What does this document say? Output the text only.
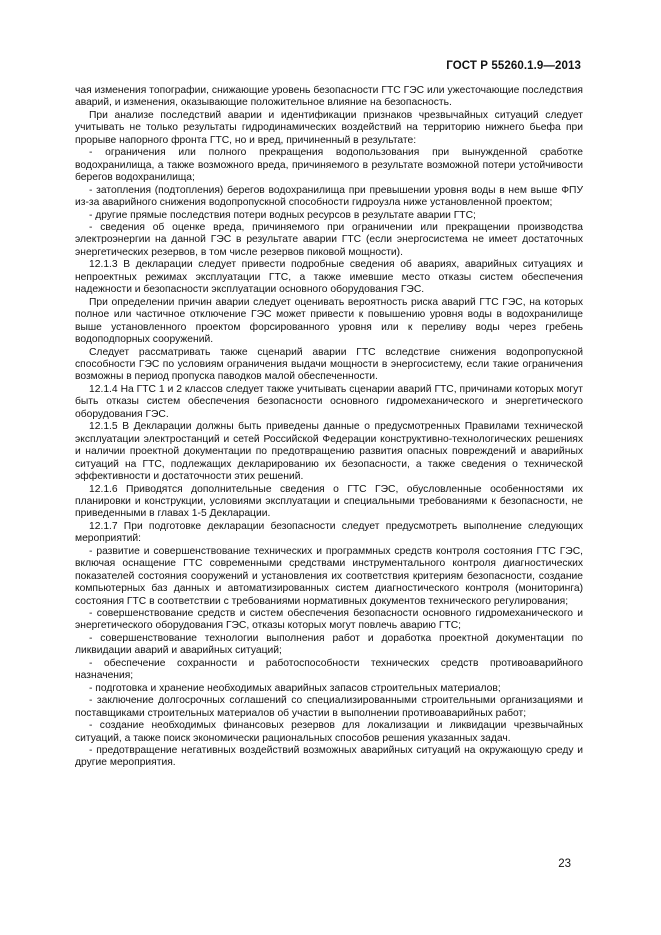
ГОСТ Р 55260.1.9—2013

чая изменения топографии, снижающие уровень безопасности ГТС ГЭС или ужесточающие последствия аварий, и изменения, оказывающие положительное влияние на безопасность.

При анализе последствий аварии и идентификации признаков чрезвычайных ситуаций следует учитывать не только результаты гидродинамических воздействий на территорию нижнего бьефа при прорыве напорного фронта ГТС, но и вред, причиненный в результате:

- ограничения или полного прекращения водопользования при вынужденной сработке водохранилища, а также возможного вреда, причиняемого в результате возможной потери устойчивости берегов водохранилища;

- затопления (подтопления) берегов водохранилища при превышении уровня воды в нем выше ФПУ из-за аварийного снижения водопропускной способности гидроузла ниже установленной проектом;

- другие прямые последствия потери водных ресурсов в результате аварии ГТС;

- сведения об оценке вреда, причиняемого при ограничении или прекращении производства электроэнергии на данной ГЭС в результате аварии ГТС (если энергосистема не имеет достаточных энергетических резервов, в том числе резервов пиковой мощности).

12.1.3 В декларации следует привести подробные сведения об авариях, аварийных ситуациях и непроектных режимах эксплуатации ГТС, а также имевшие место отказы систем обеспечения надежности и безопасности эксплуатации основного оборудования ГЭС.

При определении причин аварии следует оценивать вероятность риска аварий ГТС ГЭС, на которых полное или частичное отключение ГЭС может привести к повышению уровня воды в водохранилище выше установленного проектом форсированного уровня или к переливу воды через гребень водоподпорных сооружений.

Следует рассматривать также сценарий аварии ГТС вследствие снижения водопропускной способности ГЭС по условиям ограничения выдачи мощности в энергосистему, если такие ограничения возможны в период пропуска паводков малой обеспеченности.

12.1.4 На ГТС 1 и 2 классов следует также учитывать сценарии аварий ГТС, причинами которых могут быть отказы систем обеспечения безопасности основного гидромеханического и энергетического оборудования ГЭС.

12.1.5 В Декларации должны быть приведены данные о предусмотренных Правилами технической эксплуатации электростанций и сетей Российской Федерации конструктивно-технологических решениях и наличии проектной документации по предотвращению развития опасных повреждений и аварийных ситуаций на ГТС, подлежащих декларированию их безопасности, а также сведения о технической эффективности и достаточности этих решений.

12.1.6 Приводятся дополнительные сведения о ГТС ГЭС, обусловленные особенностями их планировки и конструкции, условиями эксплуатации и специальными требованиями к безопасности, не приведенными в главах 1-5 Декларации.

12.1.7 При подготовке декларации безопасности следует предусмотреть выполнение следующих мероприятий:

- развитие и совершенствование технических и программных средств контроля состояния ГТС ГЭС, включая оснащение ГТС современными средствами инструментального контроля диагностических показателей состояния сооружений и установления их соответствия критериям безопасности, создание компьютерных баз данных и автоматизированных систем диагностического контроля (мониторинга) состояния ГТС в соответствии с требованиями нормативных документов технического регулирования;

- совершенствование средств и систем обеспечения безопасности основного гидромеханического и энергетического оборудования ГЭС, отказы которых могут повлечь аварию ГТС;

- совершенствование технологии выполнения работ и доработка проектной документации по ликвидации аварий и аварийных ситуаций;

- обеспечение сохранности и работоспособности технических средств противоаварийного назначения;

- подготовка и хранение необходимых аварийных запасов строительных материалов;

- заключение долгосрочных соглашений со специализированными строительными организациями и поставщиками строительных материалов об участии в выполнении противоаварийных работ;

- создание необходимых финансовых резервов для локализации и ликвидации чрезвычайных ситуаций, а также поиск экономически рациональных способов решения указанных задач.

- предотвращение негативных воздействий возможных аварийных ситуаций на окружающую среду и другие мероприятия.

23
